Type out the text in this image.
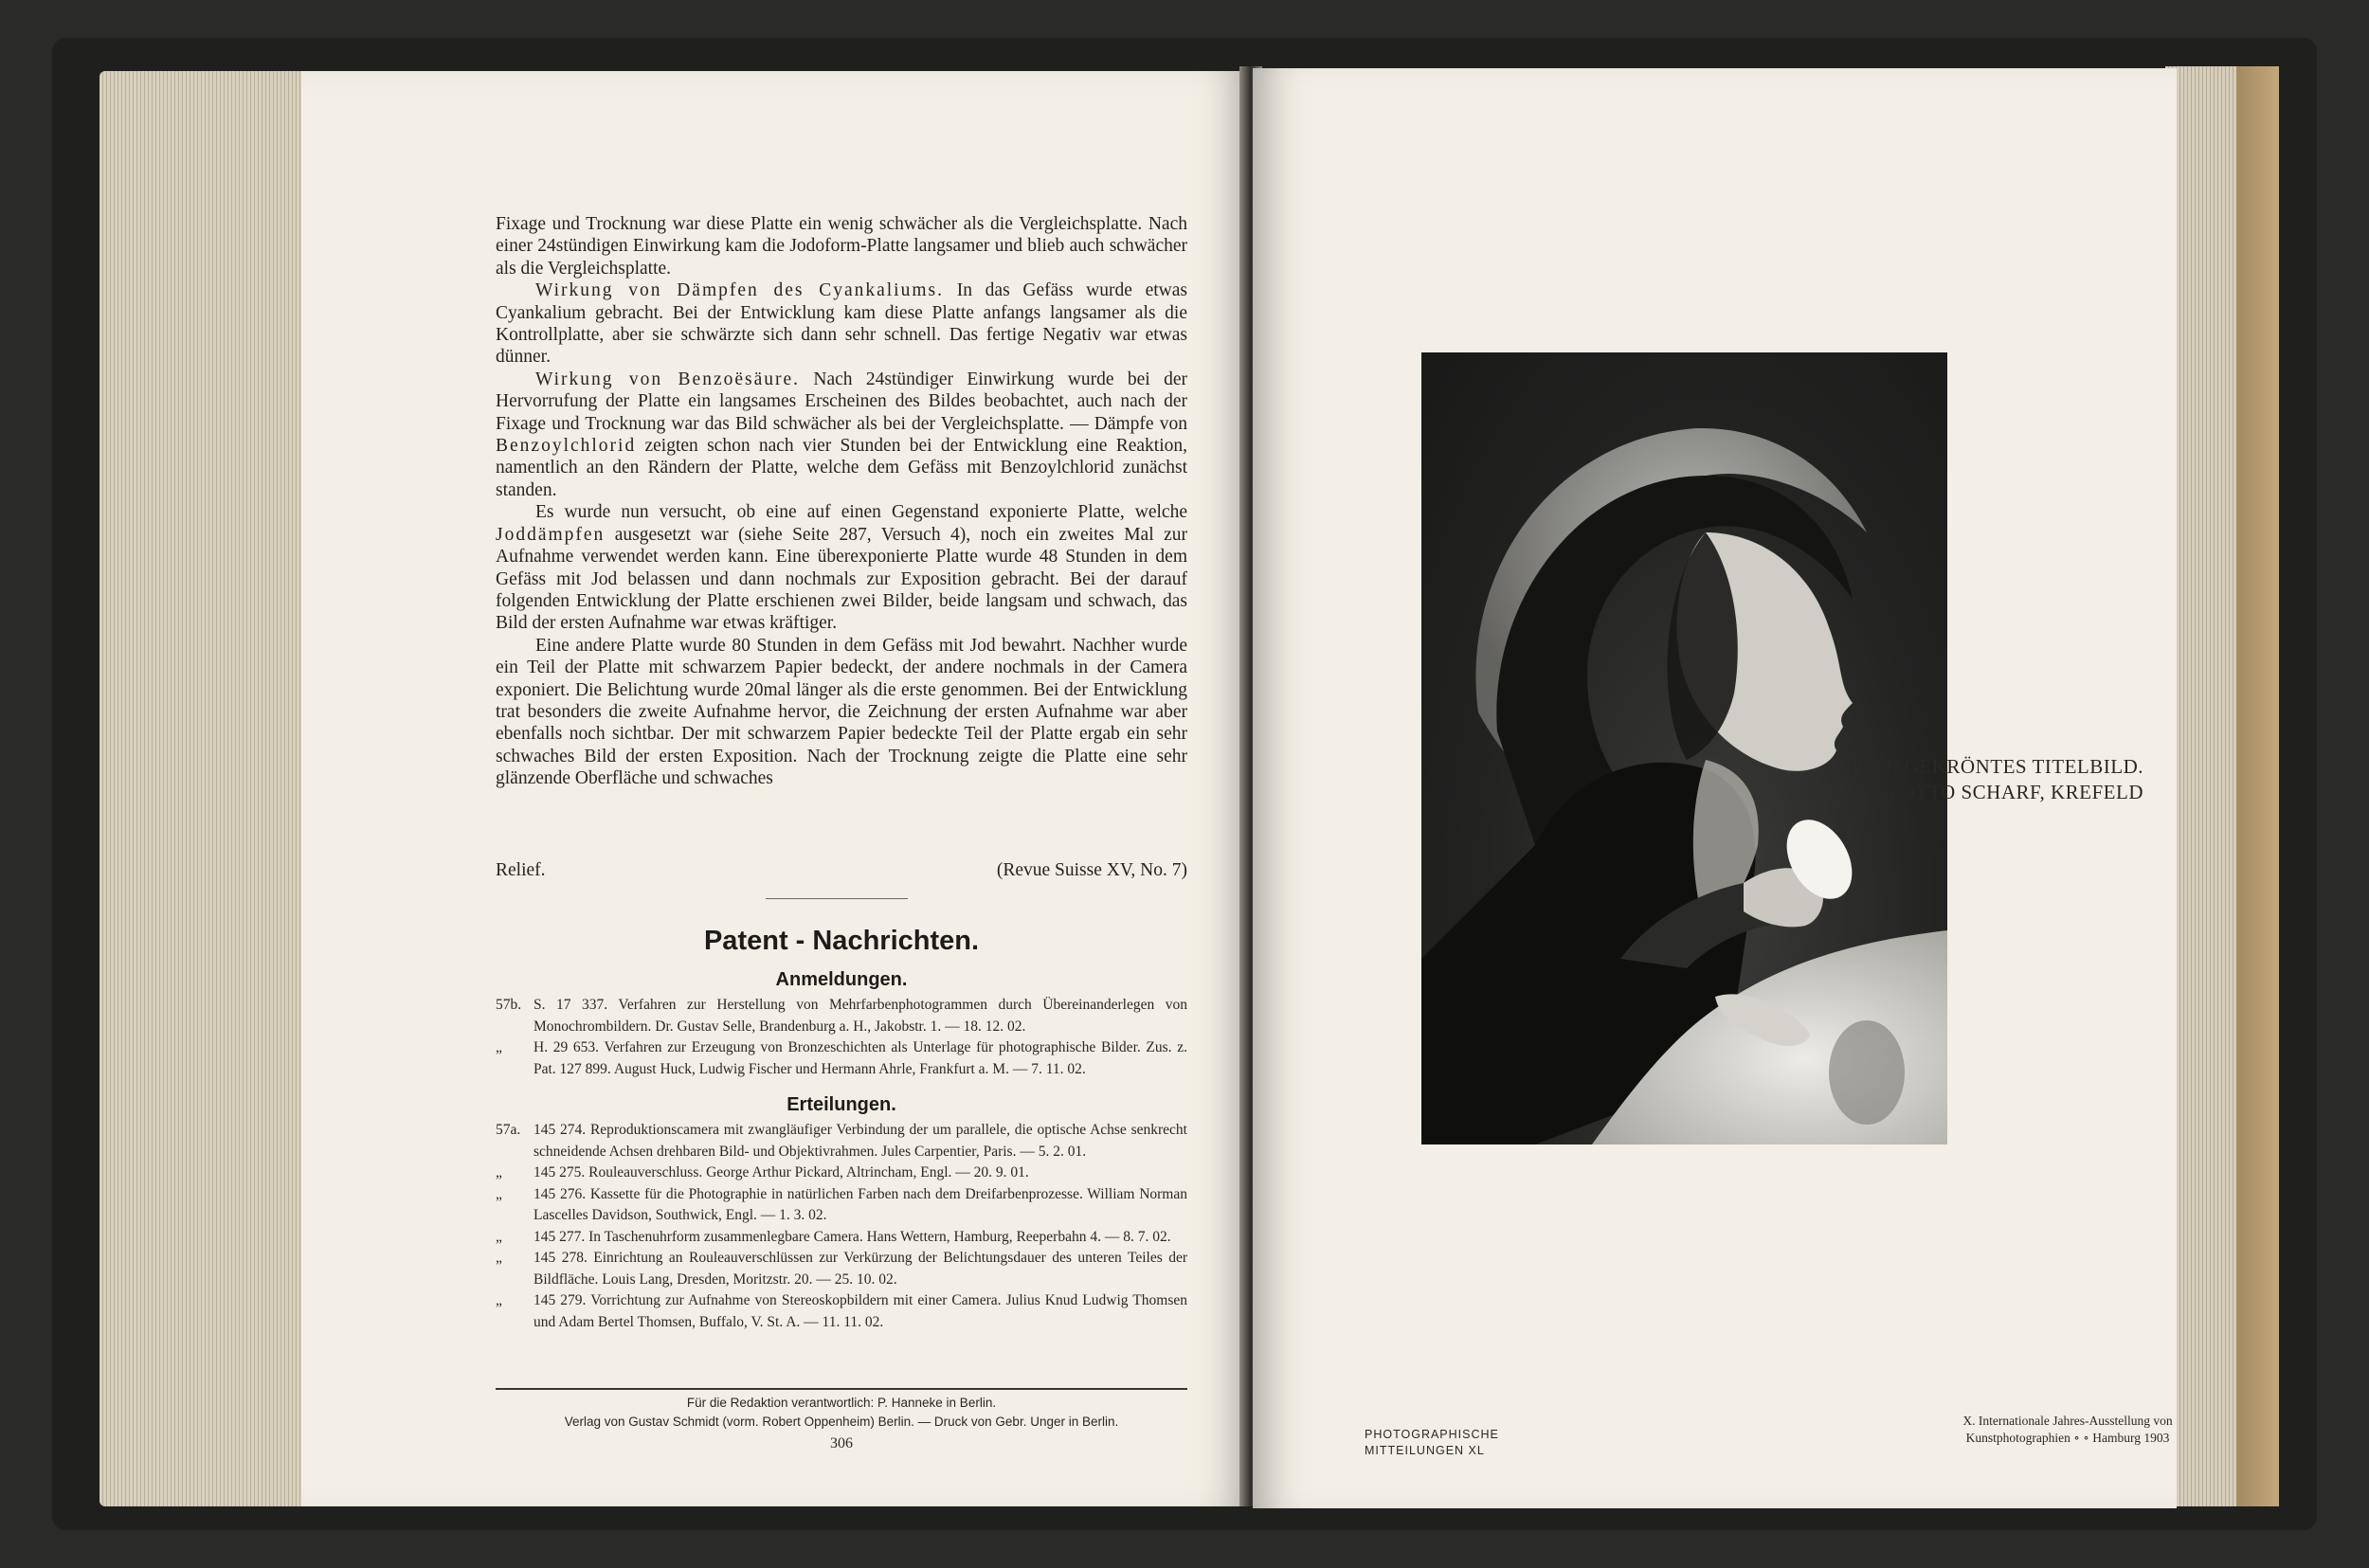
Fixage und Trocknung war diese Platte ein wenig schwächer als die Vergleichsplatte. Nach einer 24stündigen Einwirkung kam die Jodoform-Platte langsamer und blieb auch schwächer als die Vergleichsplatte.

Wirkung von Dämpfen des Cyankaliums. In das Gefäss wurde etwas Cyankalium gebracht. Bei der Entwicklung kam diese Platte anfangs langsamer als die Kontrollplatte, aber sie schwärzte sich dann sehr schnell. Das fertige Negativ war etwas dünner.

Wirkung von Benzoësäure. Nach 24stündiger Einwirkung wurde bei der Hervorrufung der Platte ein langsames Erscheinen des Bildes beobachtet, auch nach der Fixage und Trocknung war das Bild schwächer als bei der Vergleichsplatte. — Dämpfe von Benzoylchlorid zeigten schon nach vier Stunden bei der Entwicklung eine Reaktion, namentlich an den Rändern der Platte, welche dem Gefäss mit Benzoylchlorid zunächst standen.

Es wurde nun versucht, ob eine auf einen Gegenstand exponierte Platte, welche Joddämpfen ausgesetzt war (siehe Seite 287, Versuch 4), noch ein zweites Mal zur Aufnahme verwendet werden kann. Eine überexponierte Platte wurde 48 Stunden in dem Gefäss mit Jod belassen und dann nochmals zur Exposition gebracht. Bei der darauf folgenden Entwicklung der Platte erschienen zwei Bilder, beide langsam und schwach, das Bild der ersten Aufnahme war etwas kräftiger.

Eine andere Platte wurde 80 Stunden in dem Gefäss mit Jod bewahrt. Nachher wurde ein Teil der Platte mit schwarzem Papier bedeckt, der andere nochmals in der Camera exponiert. Die Belichtung wurde 20mal länger als die erste genommen. Bei der Entwicklung trat besonders die zweite Aufnahme hervor, die Zeichnung der ersten Aufnahme war aber ebenfalls noch sichtbar. Der mit schwarzem Papier bedeckte Teil der Platte ergab ein sehr schwaches Bild der ersten Exposition. Nach der Trocknung zeigte die Platte eine sehr glänzende Oberfläche und schwaches

Relief.	(Revue Suisse XV, No. 7)
Patent - Nachrichten.
Anmeldungen.
57b. S. 17 337. Verfahren zur Herstellung von Mehrfarbenphotogrammen durch Übereinanderlegen von Monochrombildern. Dr. Gustav Selle, Brandenburg a. H., Jakobstr. 1. — 18. 12. 02.
„	H. 29 653. Verfahren zur Erzeugung von Bronzeschichten als Unterlage für photographische Bilder. Zus. z. Pat. 127 899. August Huck, Ludwig Fischer und Hermann Ahrle, Frankfurt a. M. — 7. 11. 02.
Erteilungen.
57a. 145 274. Reproduktionscamera mit zwangläufiger Verbindung der um parallele, die optische Achse senkrecht schneidende Achsen drehbaren Bild- und Objektivrahmen. Jules Carpentier, Paris. — 5. 2. 01.
„	145 275. Rouleauverschluss. George Arthur Pickard, Altrincham, Engl. — 20. 9. 01.
„	145 276. Kassette für die Photographie in natürlichen Farben nach dem Dreifarbenprozesse. William Norman Lascelles Davidson, Southwick, Engl. — 1. 3. 02.
„	145 277. In Taschenuhrform zusammenlegbare Camera. Hans Wettern, Hamburg, Reeperbahn 4. — 8. 7. 02.
„	145 278. Einrichtung an Rouleauverschlüssen zur Verkürzung der Belichtungsdauer des unteren Teiles der Bildfläche. Louis Lang, Dresden, Moritzstr. 20. — 25. 10. 02.
„	145 279. Vorrichtung zur Aufnahme von Stereoskopbildern mit einer Camera. Julius Knud Ludwig Thomsen und Adam Bertel Thomsen, Buffalo, V. St. A. — 11. 11. 02.
Für die Redaktion verantwortlich: P. Hanneke in Berlin.
Verlag von Gustav Schmidt (vorm. Robert Oppenheim) Berlin. — Druck von Gebr. Unger in Berlin.
306
PREISGEKRÖNTES TITELBILD.
Von OTTO SCHARF, KREFELD
PHOTOGRAPHISCHE
MITTEILUNGEN XL
X. Internationale Jahres-Ausstellung von
Kunstphotographien ∘ ∘ Hamburg 1903
